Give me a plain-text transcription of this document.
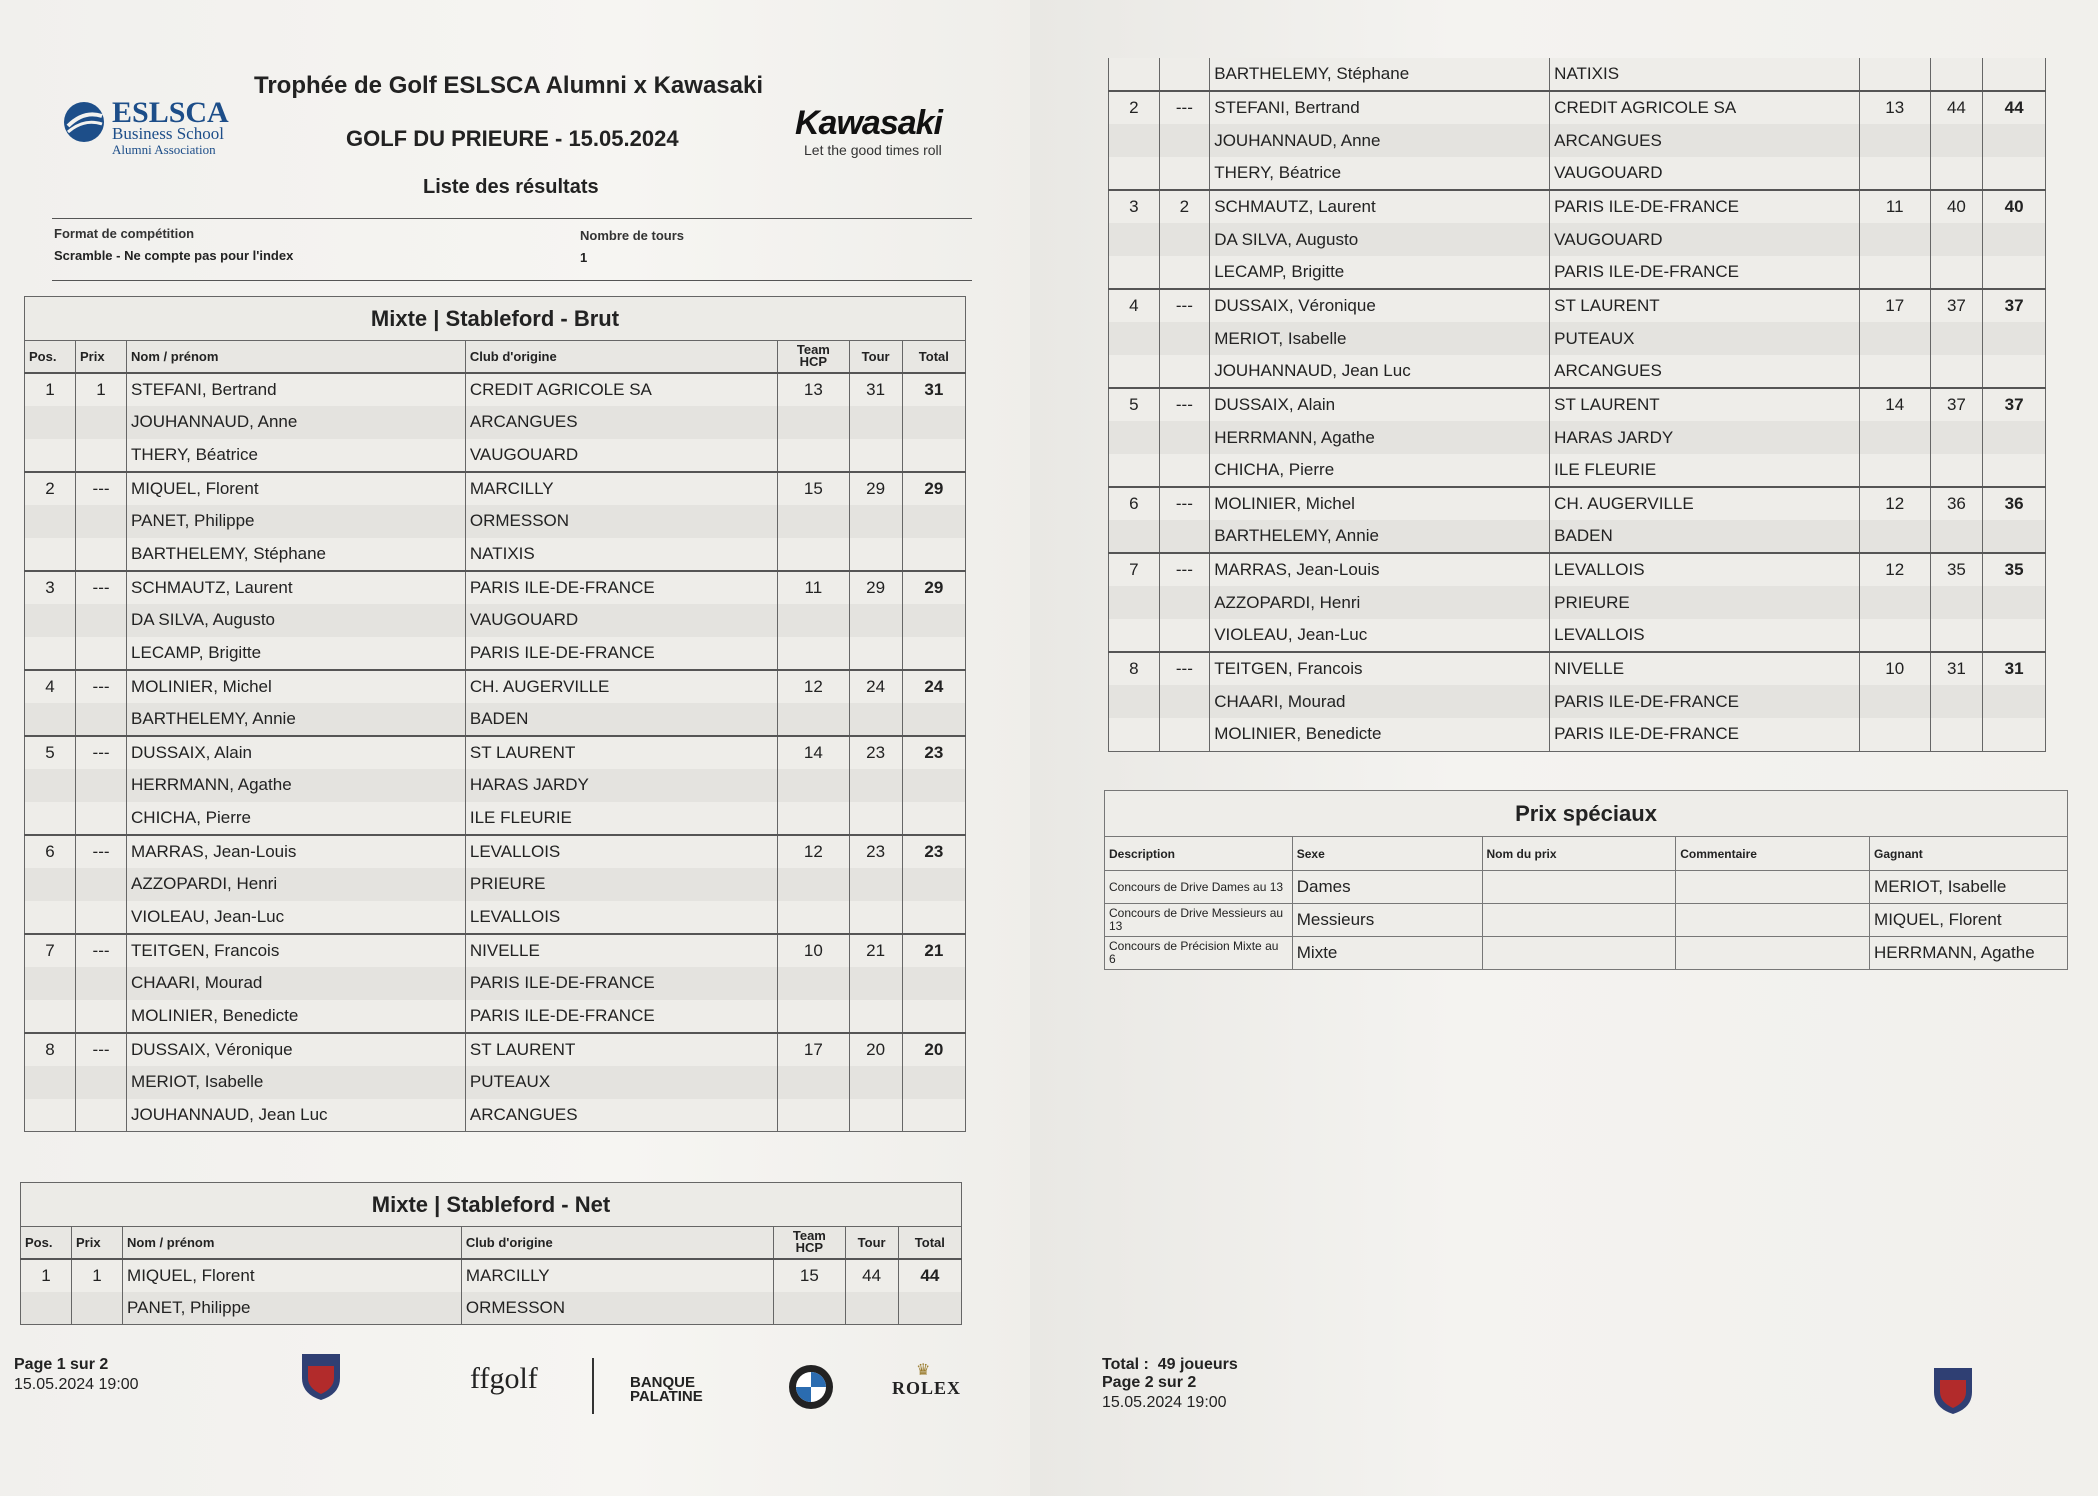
ESLSCA
Business School
Alumni Association
Trophée de Golf ESLSCA Alumni x Kawasaki
GOLF DU PRIEURE - 15.05.2024
Liste des résultats
Kawasaki
Let the good times roll
Format de compétition
Scramble - Ne compte pas pour l'index
Nombre de tours
1
Mixte | Stableford - Brut						
Pos.	Prix	Nom / prénom	Club d'origine	Team
HCP	Tour	Total
1	1	STEFANI, Bertrand	CREDIT AGRICOLE SA	13	31	31
		JOUHANNAUD, Anne	ARCANGUES			
		THERY, Béatrice	VAUGOUARD			
2	---	MIQUEL, Florent	MARCILLY	15	29	29
		PANET, Philippe	ORMESSON			
		BARTHELEMY, Stéphane	NATIXIS			
3	---	SCHMAUTZ, Laurent	PARIS ILE-DE-FRANCE	11	29	29
		DA SILVA, Augusto	VAUGOUARD			
		LECAMP, Brigitte	PARIS ILE-DE-FRANCE			
4	---	MOLINIER, Michel	CH. AUGERVILLE	12	24	24
		BARTHELEMY, Annie	BADEN			
5	---	DUSSAIX, Alain	ST LAURENT	14	23	23
		HERRMANN, Agathe	HARAS JARDY			
		CHICHA, Pierre	ILE FLEURIE			
6	---	MARRAS, Jean-Louis	LEVALLOIS	12	23	23
		AZZOPARDI, Henri	PRIEURE			
		VIOLEAU, Jean-Luc	LEVALLOIS			
7	---	TEITGEN, Francois	NIVELLE	10	21	21
		CHAARI, Mourad	PARIS ILE-DE-FRANCE			
		MOLINIER, Benedicte	PARIS ILE-DE-FRANCE			
8	---	DUSSAIX, Véronique	ST LAURENT	17	20	20
		MERIOT, Isabelle	PUTEAUX			
		JOUHANNAUD, Jean Luc	ARCANGUES			
Mixte | Stableford - Net						
Pos.	Prix	Nom / prénom	Club d'origine	Team
HCP	Tour	Total
1	1	MIQUEL, Florent	MARCILLY	15	44	44
		PANET, Philippe	ORMESSON			
Page 1 sur 2
15.05.2024 19:00	ffgolf	BANQUE
PALATINE
♛
ROLEX
		BARTHELEMY, Stéphane	NATIXIS			
2	---	STEFANI, Bertrand	CREDIT AGRICOLE SA	13	44	44
		JOUHANNAUD, Anne	ARCANGUES			
		THERY, Béatrice	VAUGOUARD			
3	2	SCHMAUTZ, Laurent	PARIS ILE-DE-FRANCE	11	40	40
		DA SILVA, Augusto	VAUGOUARD			
		LECAMP, Brigitte	PARIS ILE-DE-FRANCE			
4	---	DUSSAIX, Véronique	ST LAURENT	17	37	37
		MERIOT, Isabelle	PUTEAUX			
		JOUHANNAUD, Jean Luc	ARCANGUES			
5	---	DUSSAIX, Alain	ST LAURENT	14	37	37
		HERRMANN, Agathe	HARAS JARDY			
		CHICHA, Pierre	ILE FLEURIE			
6	---	MOLINIER, Michel	CH. AUGERVILLE	12	36	36
		BARTHELEMY, Annie	BADEN			
7	---	MARRAS, Jean-Louis	LEVALLOIS	12	35	35
		AZZOPARDI, Henri	PRIEURE			
		VIOLEAU, Jean-Luc	LEVALLOIS			
8	---	TEITGEN, Francois	NIVELLE	10	31	31
		CHAARI, Mourad	PARIS ILE-DE-FRANCE			
		MOLINIER, Benedicte	PARIS ILE-DE-FRANCE			
Prix spéciaux				
Description	Sexe	Nom du prix	Commentaire	Gagnant
Concours de Drive Dames au 13	Dames			MERIOT, Isabelle
Concours de Drive Messieurs au 13	Messieurs			MIQUEL, Florent
Concours de Précision Mixte au 6	Mixte			HERRMANN, Agathe
Total : 49 joueurs
Page 2 sur 2
15.05.2024 19:00
